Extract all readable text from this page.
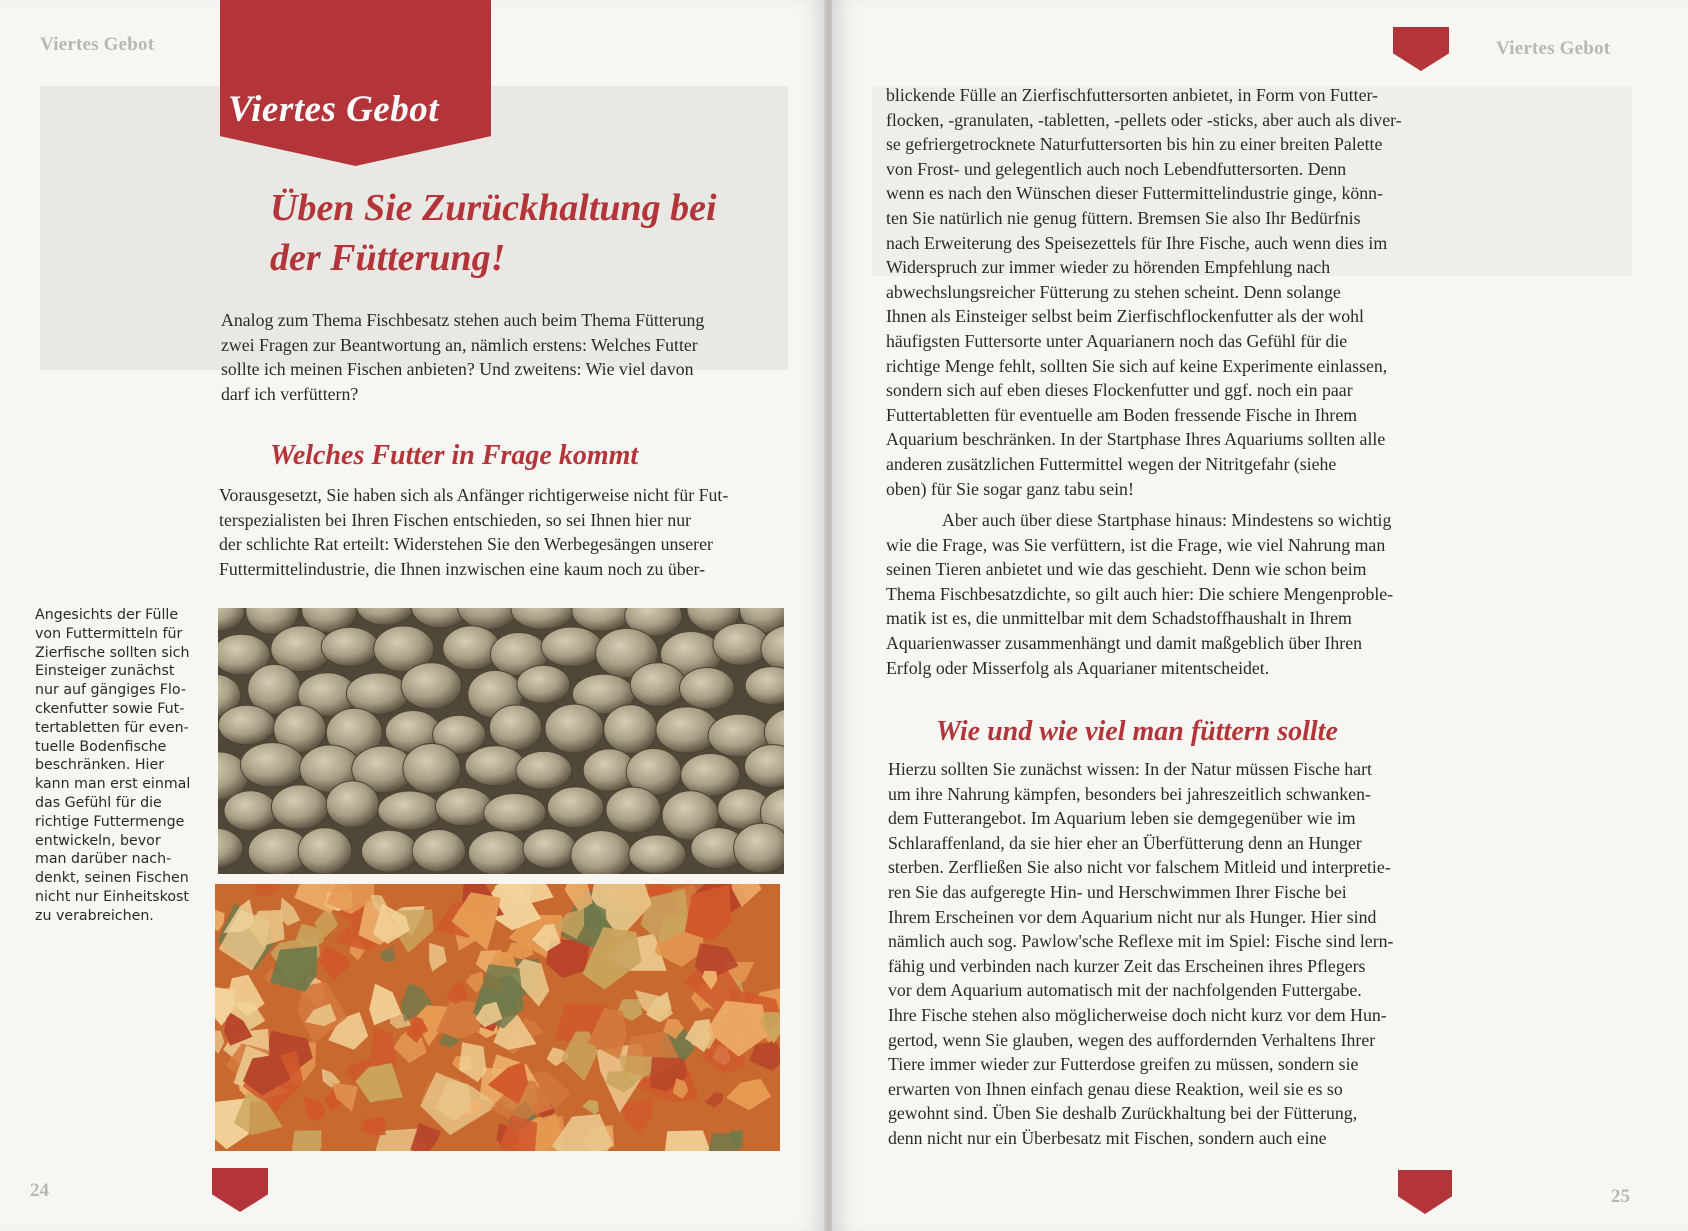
Viertes Gebot
Viertes Gebot
Üben Sie Zurückhaltung bei
der Fütterung!
Analog zum Thema Fischbesatz stehen auch beim Thema Fütterung
zwei Fragen zur Beantwortung an, nämlich erstens: Welches Futter
sollte ich meinen Fischen anbieten? Und zweitens: Wie viel davon
darf ich verfüttern?
Welches Futter in Frage kommt
Vorausgesetzt, Sie haben sich als Anfänger richtigerweise nicht für Fut-
terspezialisten bei Ihren Fischen entschieden, so sei Ihnen hier nur
der schlichte Rat erteilt: Widerstehen Sie den Werbegesängen unserer
Futtermittelindustrie, die Ihnen inzwischen eine kaum noch zu über-
Angesichts der Fülle
von Futtermitteln für
Zierfische sollten sich
Einsteiger zunächst
nur auf gängiges Flo-
ckenfutter sowie Fut-
tertabletten für even-
tuelle Bodenfische
beschränken. Hier
kann man erst einmal
das Gefühl für die
richtige Futtermenge
entwickeln, bevor
man darüber nach-
denkt, seinen Fischen
nicht nur Einheitskost
zu verabreichen.
24
Viertes Gebot
blickende Fülle an Zierfischfuttersorten anbietet, in Form von Futter-
flocken, -granulaten, -tabletten, -pellets oder -sticks, aber auch als diver-
se gefriergetrocknete Naturfuttersorten bis hin zu einer breiten Palette
von Frost- und gelegentlich auch noch Lebendfuttersorten. Denn
wenn es nach den Wünschen dieser Futtermittelindustrie ginge, könn-
ten Sie natürlich nie genug füttern. Bremsen Sie also Ihr Bedürfnis
nach Erweiterung des Speisezettels für Ihre Fische, auch wenn dies im
Widerspruch zur immer wieder zu hörenden Empfehlung nach
abwechslungsreicher Fütterung zu stehen scheint. Denn solange
Ihnen als Einsteiger selbst beim Zierfischflockenfutter als der wohl
häufigsten Futtersorte unter Aquarianern noch das Gefühl für die
richtige Menge fehlt, sollten Sie sich auf keine Experimente einlassen,
sondern sich auf eben dieses Flockenfutter und ggf. noch ein paar
Futtertabletten für eventuelle am Boden fressende Fische in Ihrem
Aquarium beschränken. In der Startphase Ihres Aquariums sollten alle
anderen zusätzlichen Futtermittel wegen der Nitritgefahr (siehe
oben) für Sie sogar ganz tabu sein!
Aber auch über diese Startphase hinaus: Mindestens so wichtig
wie die Frage, was Sie verfüttern, ist die Frage, wie viel Nahrung man
seinen Tieren anbietet und wie das geschieht. Denn wie schon beim
Thema Fischbesatzdichte, so gilt auch hier: Die schiere Mengenproble-
matik ist es, die unmittelbar mit dem Schadstoffhaushalt in Ihrem
Aquarienwasser zusammenhängt und damit maßgeblich über Ihren
Erfolg oder Misserfolg als Aquarianer mitentscheidet.
Wie und wie viel man füttern sollte
Hierzu sollten Sie zunächst wissen: In der Natur müssen Fische hart
um ihre Nahrung kämpfen, besonders bei jahreszeitlich schwanken-
dem Futterangebot. Im Aquarium leben sie demgegenüber wie im
Schlaraffenland, da sie hier eher an Überfütterung denn an Hunger
sterben. Zerfließen Sie also nicht vor falschem Mitleid und interpretie-
ren Sie das aufgeregte Hin- und Herschwimmen Ihrer Fische bei
Ihrem Erscheinen vor dem Aquarium nicht nur als Hunger. Hier sind
nämlich auch sog. Pawlow'sche Reflexe mit im Spiel: Fische sind lern-
fähig und verbinden nach kurzer Zeit das Erscheinen ihres Pflegers
vor dem Aquarium automatisch mit der nachfolgenden Futtergabe.
Ihre Fische stehen also möglicherweise doch nicht kurz vor dem Hun-
gertod, wenn Sie glauben, wegen des auffordernden Verhaltens Ihrer
Tiere immer wieder zur Futterdose greifen zu müssen, sondern sie
erwarten von Ihnen einfach genau diese Reaktion, weil sie es so
gewohnt sind. Üben Sie deshalb Zurückhaltung bei der Fütterung,
denn nicht nur ein Überbesatz mit Fischen, sondern auch eine
25
